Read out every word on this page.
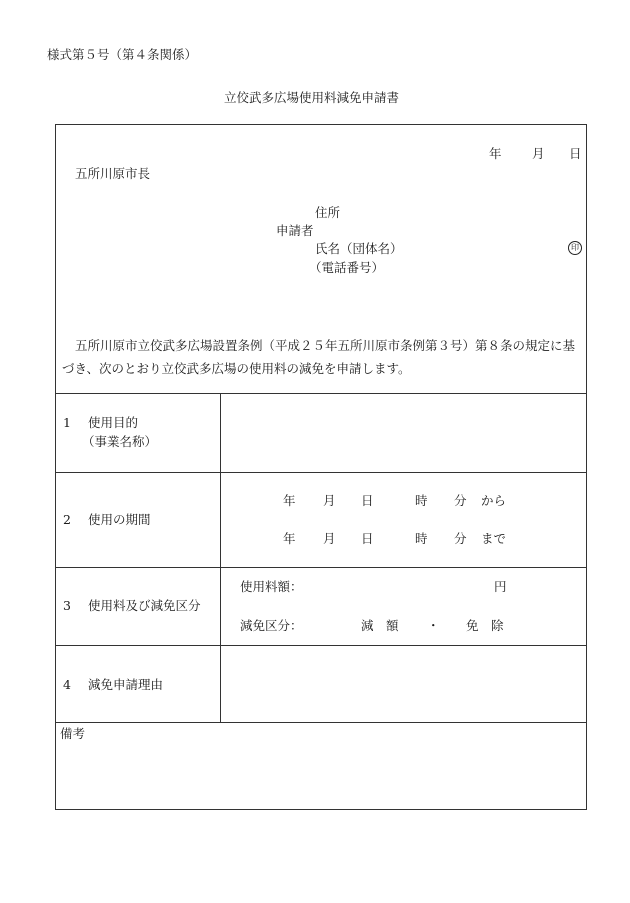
様式第５号（第４条関係）
立佼武多広場使用料減免申請書
年 月 日
五所川原市長
住所
申請者
氏名（団体名）	印
（電話番号）
五所川原市立佼武多広場設置条例（平成２５年五所川原市条例第３号）第８条の規定に基づき、次のとおり立佼武多広場の使用料の減免を申請します。
1 使用目的
（事業名称）
2 使用の期間
年 月 日	時 分 から
年 月 日	時 分 まで
3 使用料及び減免区分
使用料額：	円
減免区分：	減　額 ・ 免　除
4 減免申請理由
備考
